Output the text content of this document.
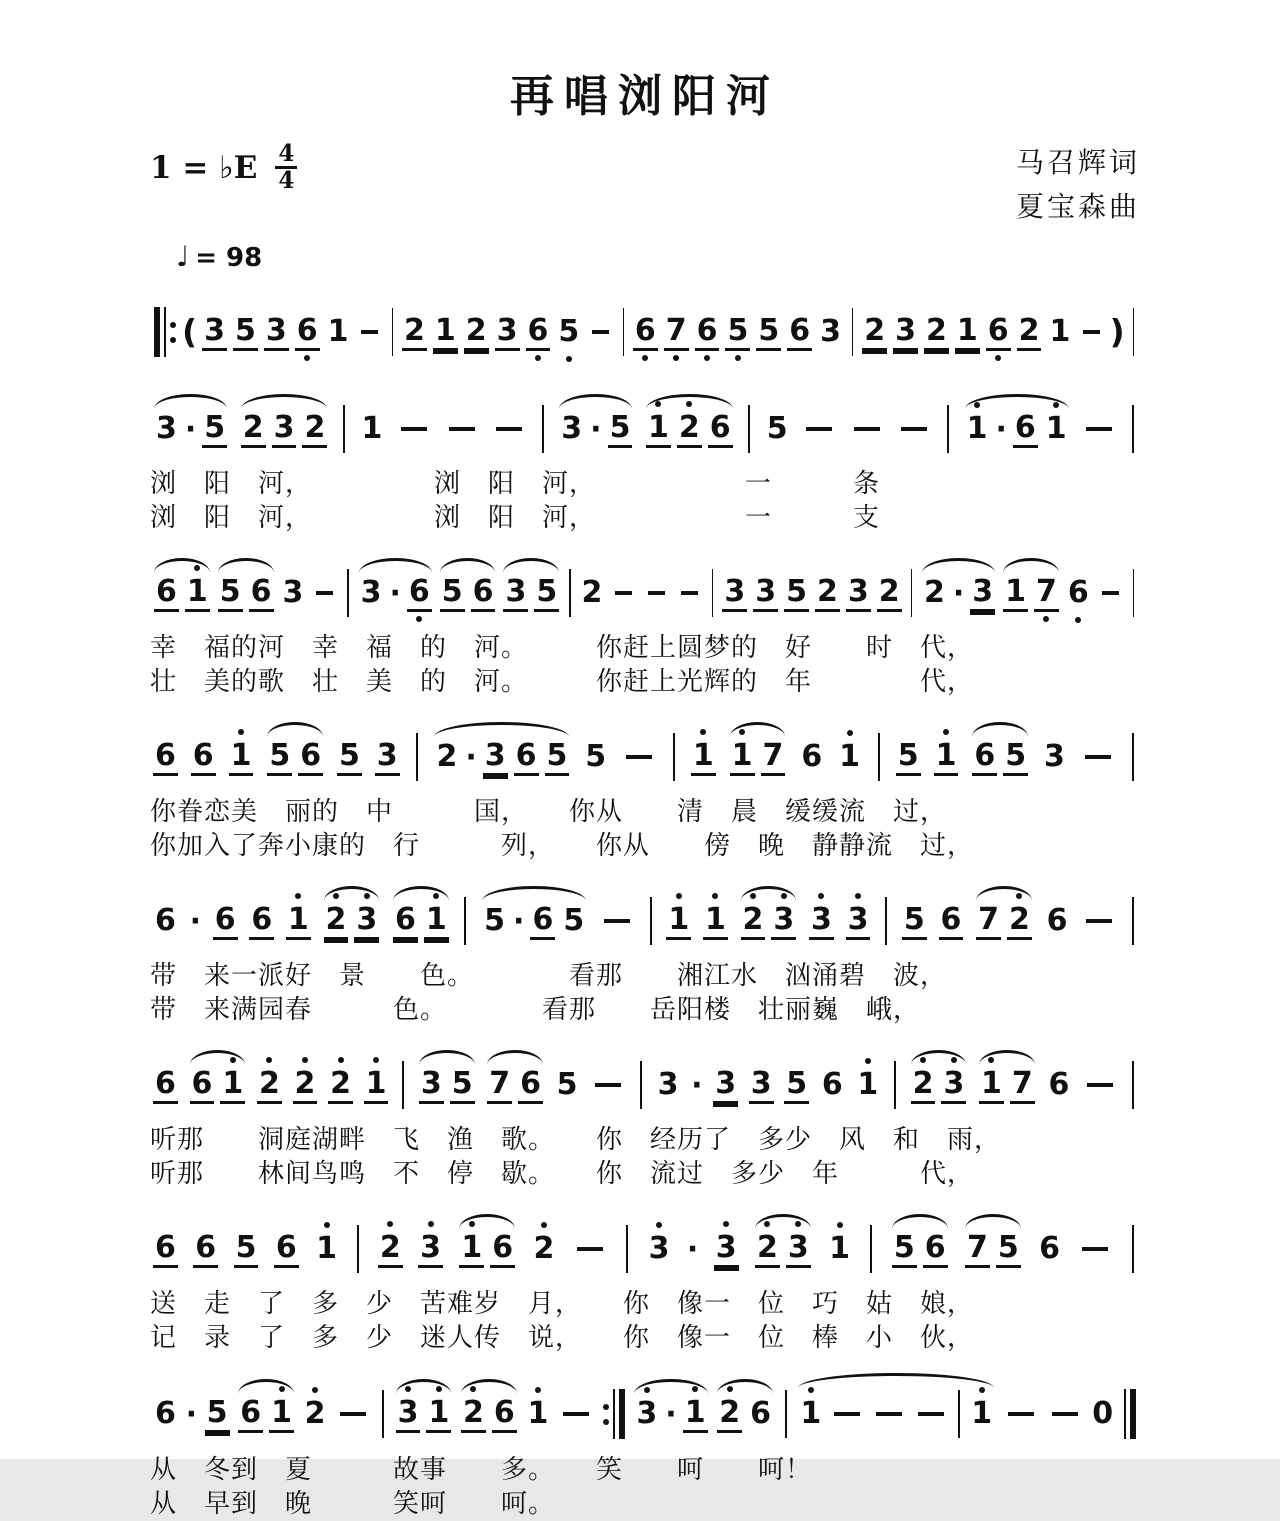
再唱浏阳河
1 = ♭E $\frac{4}{4}$	马召辉词
夏宝森曲
♩ = 98
( 3 5 3 6 1 2 1 2 3 6 5 6 7 6 5 5 6 3 2 3 2 1 6 2 1 )
3 · 5 2 3 2 1	3 · 5 1 2 6 5	1 · 6 1
浏　阳　河，　　　　　浏　阳　河，　　　　　　一　　　条
浏　阳　河，　　　　　浏　阳　河，　　　　　　一　　　支
6 1 5 6 3 3 · 6 5 6 3 5 2	3 3 5 2 3 2 2 · 3 1 7 6
幸　福的河　幸　福　的　河。　　　你赶上圆梦的　好　　时　代，
壮　美的歌　壮　美　的　河。　　　你赶上光辉的　年　　　　代，
6 6 1 5 6 5 3 2 · 3 6 5 5	1 1 7 6 1 5 1 6 5 3
你眷恋美　丽的　中　　　国，　　你从　　清　晨　缓缓流　过，
你加入了奔小康的　行　　　列，　　你从　　傍　晚　静静流　过，
6 · 6 6 1 2 3 6 1 5 · 6 5	1 1 2 3 3 3 5 6 7 2 6
带　来一派好　景　　色。　　　　看那　　湘江水　汹涌碧　波，
带　来满园春　　　色。　　　　看那　　岳阳楼　壮丽巍　峨，
6 6 1 2 2 2 1 3 5 7 6 5	3 · 3 3 5 6 1 2 3 1 7 6
听那　　洞庭湖畔　飞　渔　歌。　　你　经历了　多少　风　和　雨，
听那　　林间鸟鸣　不　停　歇。　　你　流过　多少　年　　　代，
6 6 5 6 1 2 3 1 6 2	3 · 3 2 3 1 5 6 7 5 6
送　走　了　多　少　苦难岁　月，　　你　像一　位　巧　姑　娘，
记　录　了　多　少　迷人传　说，　　你　像一　位　棒　小　伙，
6 · 5 6 1 2 3 1 2 6 1	3 · 1 2 6 1	1	0
从　冬到　夏　　　故事　　多。　　笑　　呵　　呵！
从　早到　晚　　　笑呵　　呵。
